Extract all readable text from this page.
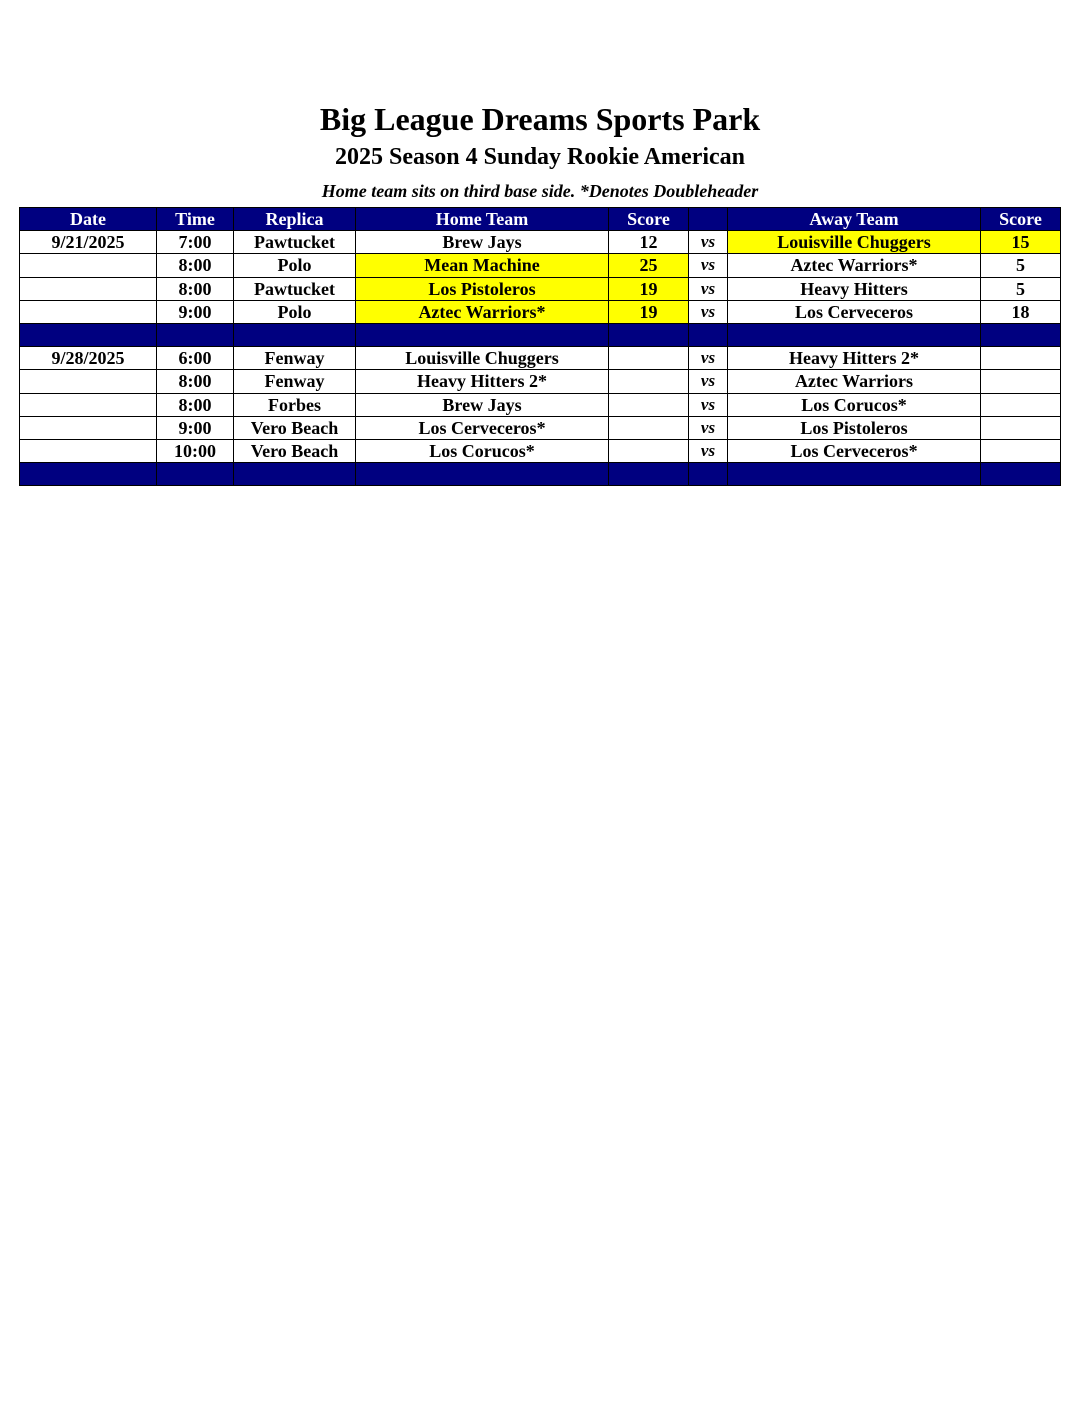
Big League Dreams Sports Park
2025 Season 4 Sunday Rookie American
Home team sits on third base side. *Denotes Doubleheader
Date	Time	Replica	Home Team	Score		Away Team	Score
9/21/2025	7:00	Pawtucket	Brew Jays	12	vs	Louisville Chuggers	15
	8:00	Polo	Mean Machine	25	vs	Aztec Warriors*	5
	8:00	Pawtucket	Los Pistoleros	19	vs	Heavy Hitters	5
	9:00	Polo	Aztec Warriors*	19	vs	Los Cerveceros	18

9/28/2025	6:00	Fenway	Louisville Chuggers		vs	Heavy Hitters 2*	
	8:00	Fenway	Heavy Hitters 2*		vs	Aztec Warriors	
	8:00	Forbes	Brew Jays		vs	Los Corucos*	
	9:00	Vero Beach	Los Cerveceros*		vs	Los Pistoleros	
	10:00	Vero Beach	Los Corucos*		vs	Los Cerveceros*	
